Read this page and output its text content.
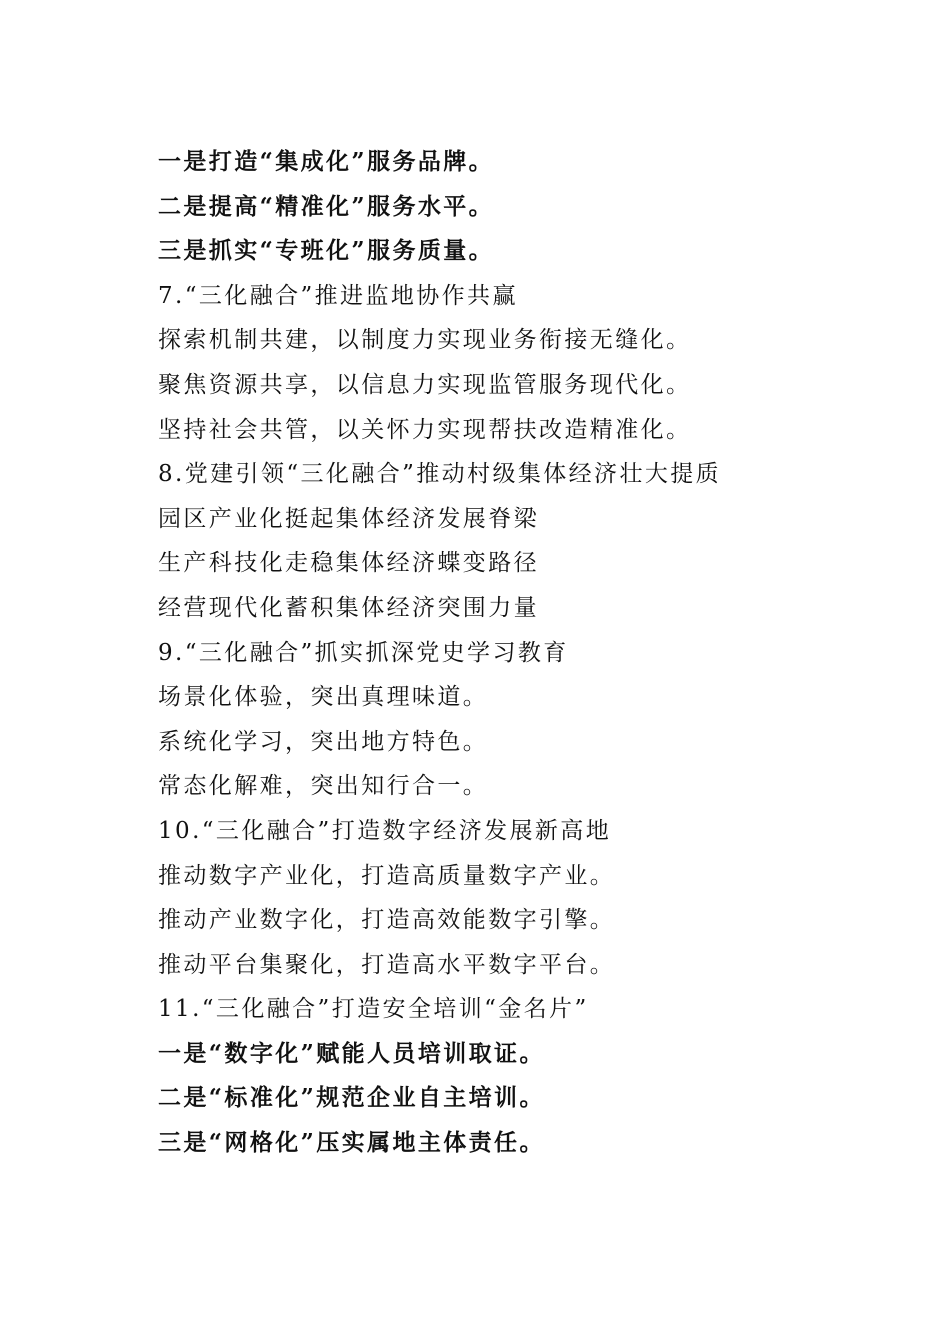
一是打造“集成化”服务品牌。
二是提高“精准化”服务水平。
三是抓实“专班化”服务质量。
7.“三化融合”推进监地协作共赢
探索机制共建，以制度力实现业务衔接无缝化。
聚焦资源共享，以信息力实现监管服务现代化。
坚持社会共管，以关怀力实现帮扶改造精准化。
8.党建引领“三化融合”推动村级集体经济壮大提质
园区产业化挺起集体经济发展脊梁
生产科技化走稳集体经济蝶变路径
经营现代化蓄积集体经济突围力量
9.“三化融合”抓实抓深党史学习教育
场景化体验，突出真理味道。
系统化学习，突出地方特色。
常态化解难，突出知行合一。
10.“三化融合”打造数字经济发展新高地
推动数字产业化，打造高质量数字产业。
推动产业数字化，打造高效能数字引擎。
推动平台集聚化，打造高水平数字平台。
11.“三化融合”打造安全培训“金名片”
一是“数字化”赋能人员培训取证。
二是“标准化”规范企业自主培训。
三是“网格化”压实属地主体责任。
